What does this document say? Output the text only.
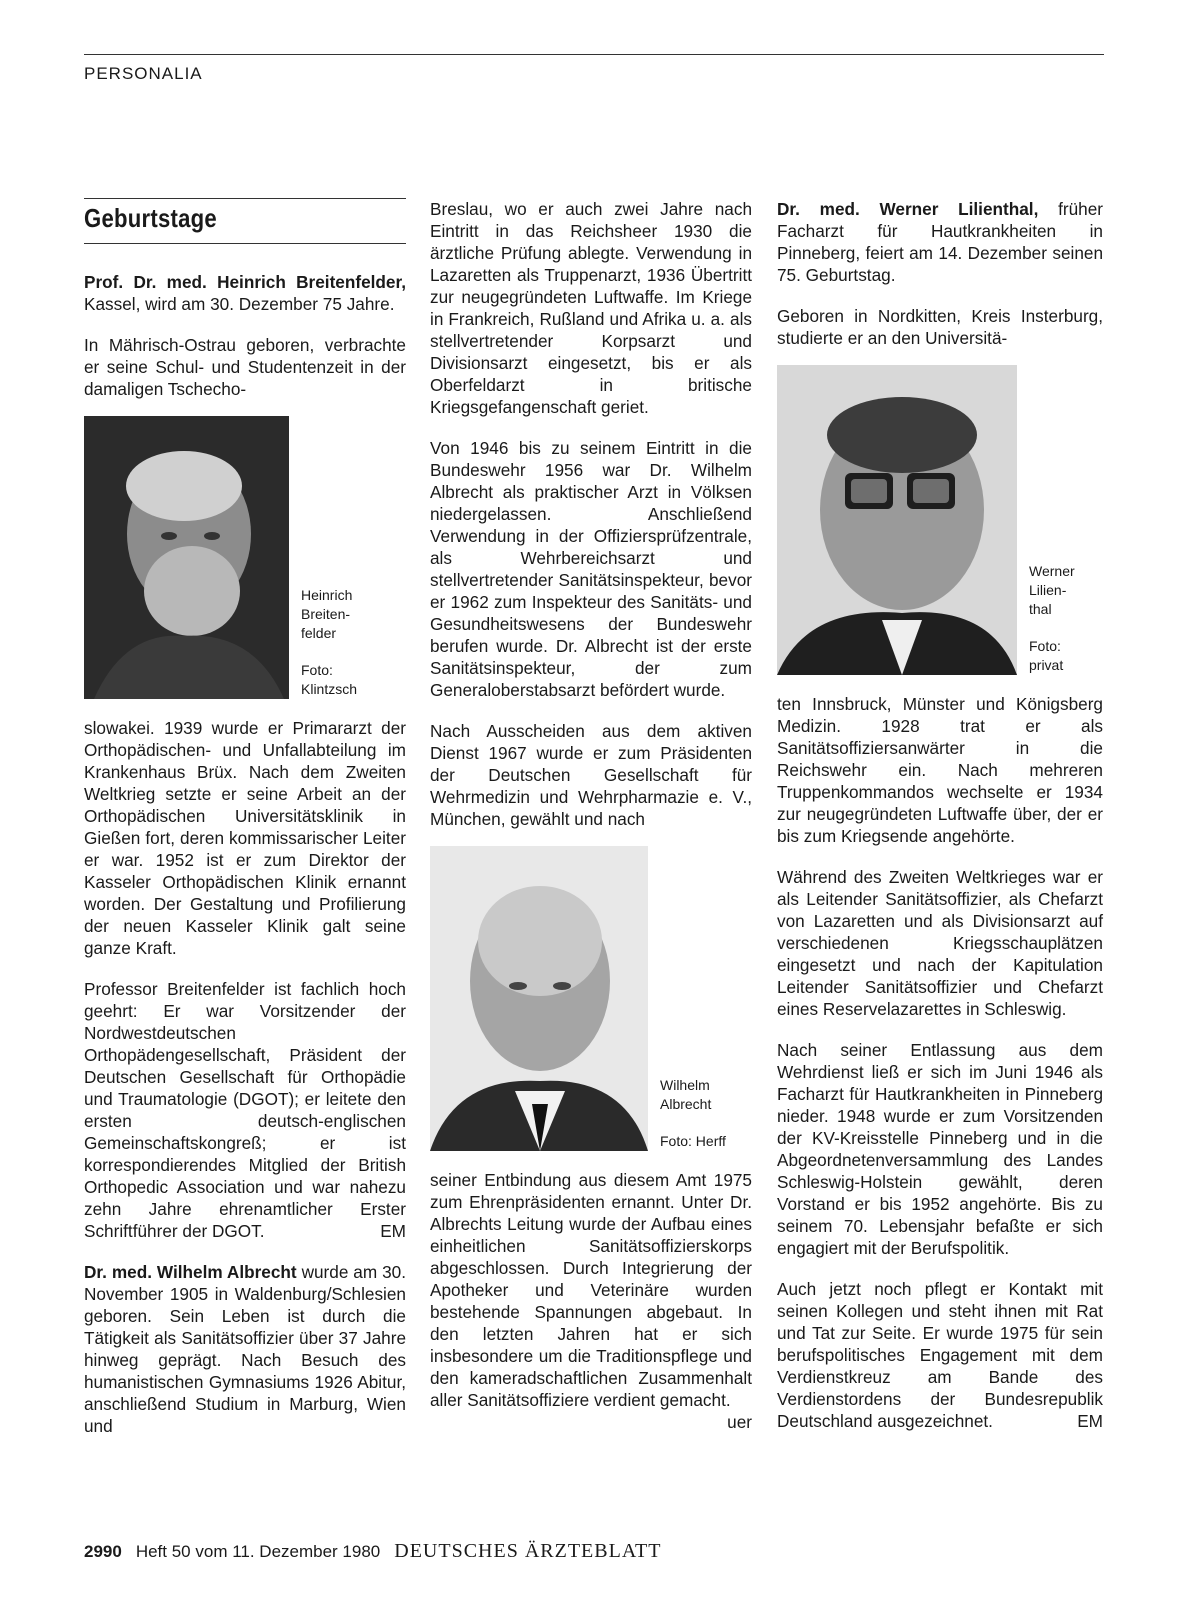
PERSONALIA
Geburtstage

Prof. Dr. med. Heinrich Breitenfelder, Kassel, wird am 30. Dezember 75 Jahre.

In Mährisch-Ostrau geboren, verbrachte er seine Schul- und Studentenzeit in der damaligen Tschecho-

Heinrich Breiten-felder
Foto: Klintzsch

slowakei. 1939 wurde er Primararzt der Orthopädischen- und Unfallabteilung im Krankenhaus Brüx. Nach dem Zweiten Weltkrieg setzte er seine Arbeit an der Orthopädischen Universitätsklinik in Gießen fort, deren kommissarischer Leiter er war. 1952 ist er zum Direktor der Kasseler Orthopädischen Klinik ernannt worden. Der Gestaltung und Profilierung der neuen Kasseler Klinik galt seine ganze Kraft.

Professor Breitenfelder ist fachlich hoch geehrt: Er war Vorsitzender der Nordwestdeutschen Orthopädengesellschaft, Präsident der Deutschen Gesellschaft für Orthopädie und Traumatologie (DGOT); er leitete den ersten deutsch-englischen Gemeinschaftskongreß; er ist korrespondierendes Mitglied der British Orthopedic Association und war nahezu zehn Jahre ehrenamtlicher Erster Schriftführer der DGOT.	EM

Dr. med. Wilhelm Albrecht wurde am 30. November 1905 in Waldenburg/Schlesien geboren. Sein Leben ist durch die Tätigkeit als Sanitätsoffizier über 37 Jahre hinweg geprägt. Nach Besuch des humanistischen Gymnasiums 1926 Abitur, anschließend Studium in Marburg, Wien und

Breslau, wo er auch zwei Jahre nach Eintritt in das Reichsheer 1930 die ärztliche Prüfung ablegte. Verwendung in Lazaretten als Truppenarzt, 1936 Übertritt zur neugegründeten Luftwaffe. Im Kriege in Frankreich, Rußland und Afrika u. a. als stellvertretender Korpsarzt und Divisionsarzt eingesetzt, bis er als Oberfeldarzt in britische Kriegsgefangenschaft geriet.

Von 1946 bis zu seinem Eintritt in die Bundeswehr 1956 war Dr. Wilhelm Albrecht als praktischer Arzt in Völksen niedergelassen. Anschließend Verwendung in der Offiziersprüfzentrale, als Wehrbereichsarzt und stellvertretender Sanitätsinspekteur, bevor er 1962 zum Inspekteur des Sanitäts- und Gesundheitswesens der Bundeswehr berufen wurde. Dr. Albrecht ist der erste Sanitätsinspekteur, der zum Generaloberstabsarzt befördert wurde.

Nach Ausscheiden aus dem aktiven Dienst 1967 wurde er zum Präsidenten der Deutschen Gesellschaft für Wehrmedizin und Wehrpharmazie e. V., München, gewählt und nach

Wilhelm Albrecht
Foto: Herff

seiner Entbindung aus diesem Amt 1975 zum Ehrenpräsidenten ernannt. Unter Dr. Albrechts Leitung wurde der Aufbau eines einheitlichen Sanitätsoffizierskorps abgeschlossen. Durch Integrierung der Apotheker und Veterinäre wurden bestehende Spannungen abgebaut. In den letzten Jahren hat er sich insbesondere um die Traditionspflege und den kameradschaftlichen Zusammenhalt aller Sanitätsoffiziere verdient gemacht.
uer

Dr. med. Werner Lilienthal, früher Facharzt für Hautkrankheiten in Pinneberg, feiert am 14. Dezember seinen 75. Geburtstag.

Geboren in Nordkitten, Kreis Insterburg, studierte er an den Universitä-

Werner Lilien-thal
Foto: privat

ten Innsbruck, Münster und Königsberg Medizin. 1928 trat er als Sanitätsoffiziersanwärter in die Reichswehr ein. Nach mehreren Truppenkommandos wechselte er 1934 zur neugegründeten Luftwaffe über, der er bis zum Kriegsende angehörte.

Während des Zweiten Weltkrieges war er als Leitender Sanitätsoffizier, als Chefarzt von Lazaretten und als Divisionsarzt auf verschiedenen Kriegsschauplätzen eingesetzt und nach der Kapitulation Leitender Sanitätsoffizier und Chefarzt eines Reservelazarettes in Schleswig.

Nach seiner Entlassung aus dem Wehrdienst ließ er sich im Juni 1946 als Facharzt für Hautkrankheiten in Pinneberg nieder. 1948 wurde er zum Vorsitzenden der KV-Kreisstelle Pinneberg und in die Abgeordnetenversammlung des Landes Schleswig-Holstein gewählt, deren Vorstand er bis 1952 angehörte. Bis zu seinem 70. Lebensjahr befaßte er sich engagiert mit der Berufspolitik.

Auch jetzt noch pflegt er Kontakt mit seinen Kollegen und steht ihnen mit Rat und Tat zur Seite. Er wurde 1975 für sein berufspolitisches Engagement mit dem Verdienstkreuz am Bande des Verdienstordens der Bundesrepublik Deutschland ausgezeichnet.	EM

2990 Heft 50 vom 11. Dezember 1980 DEUTSCHES ÄRZTEBLATT
